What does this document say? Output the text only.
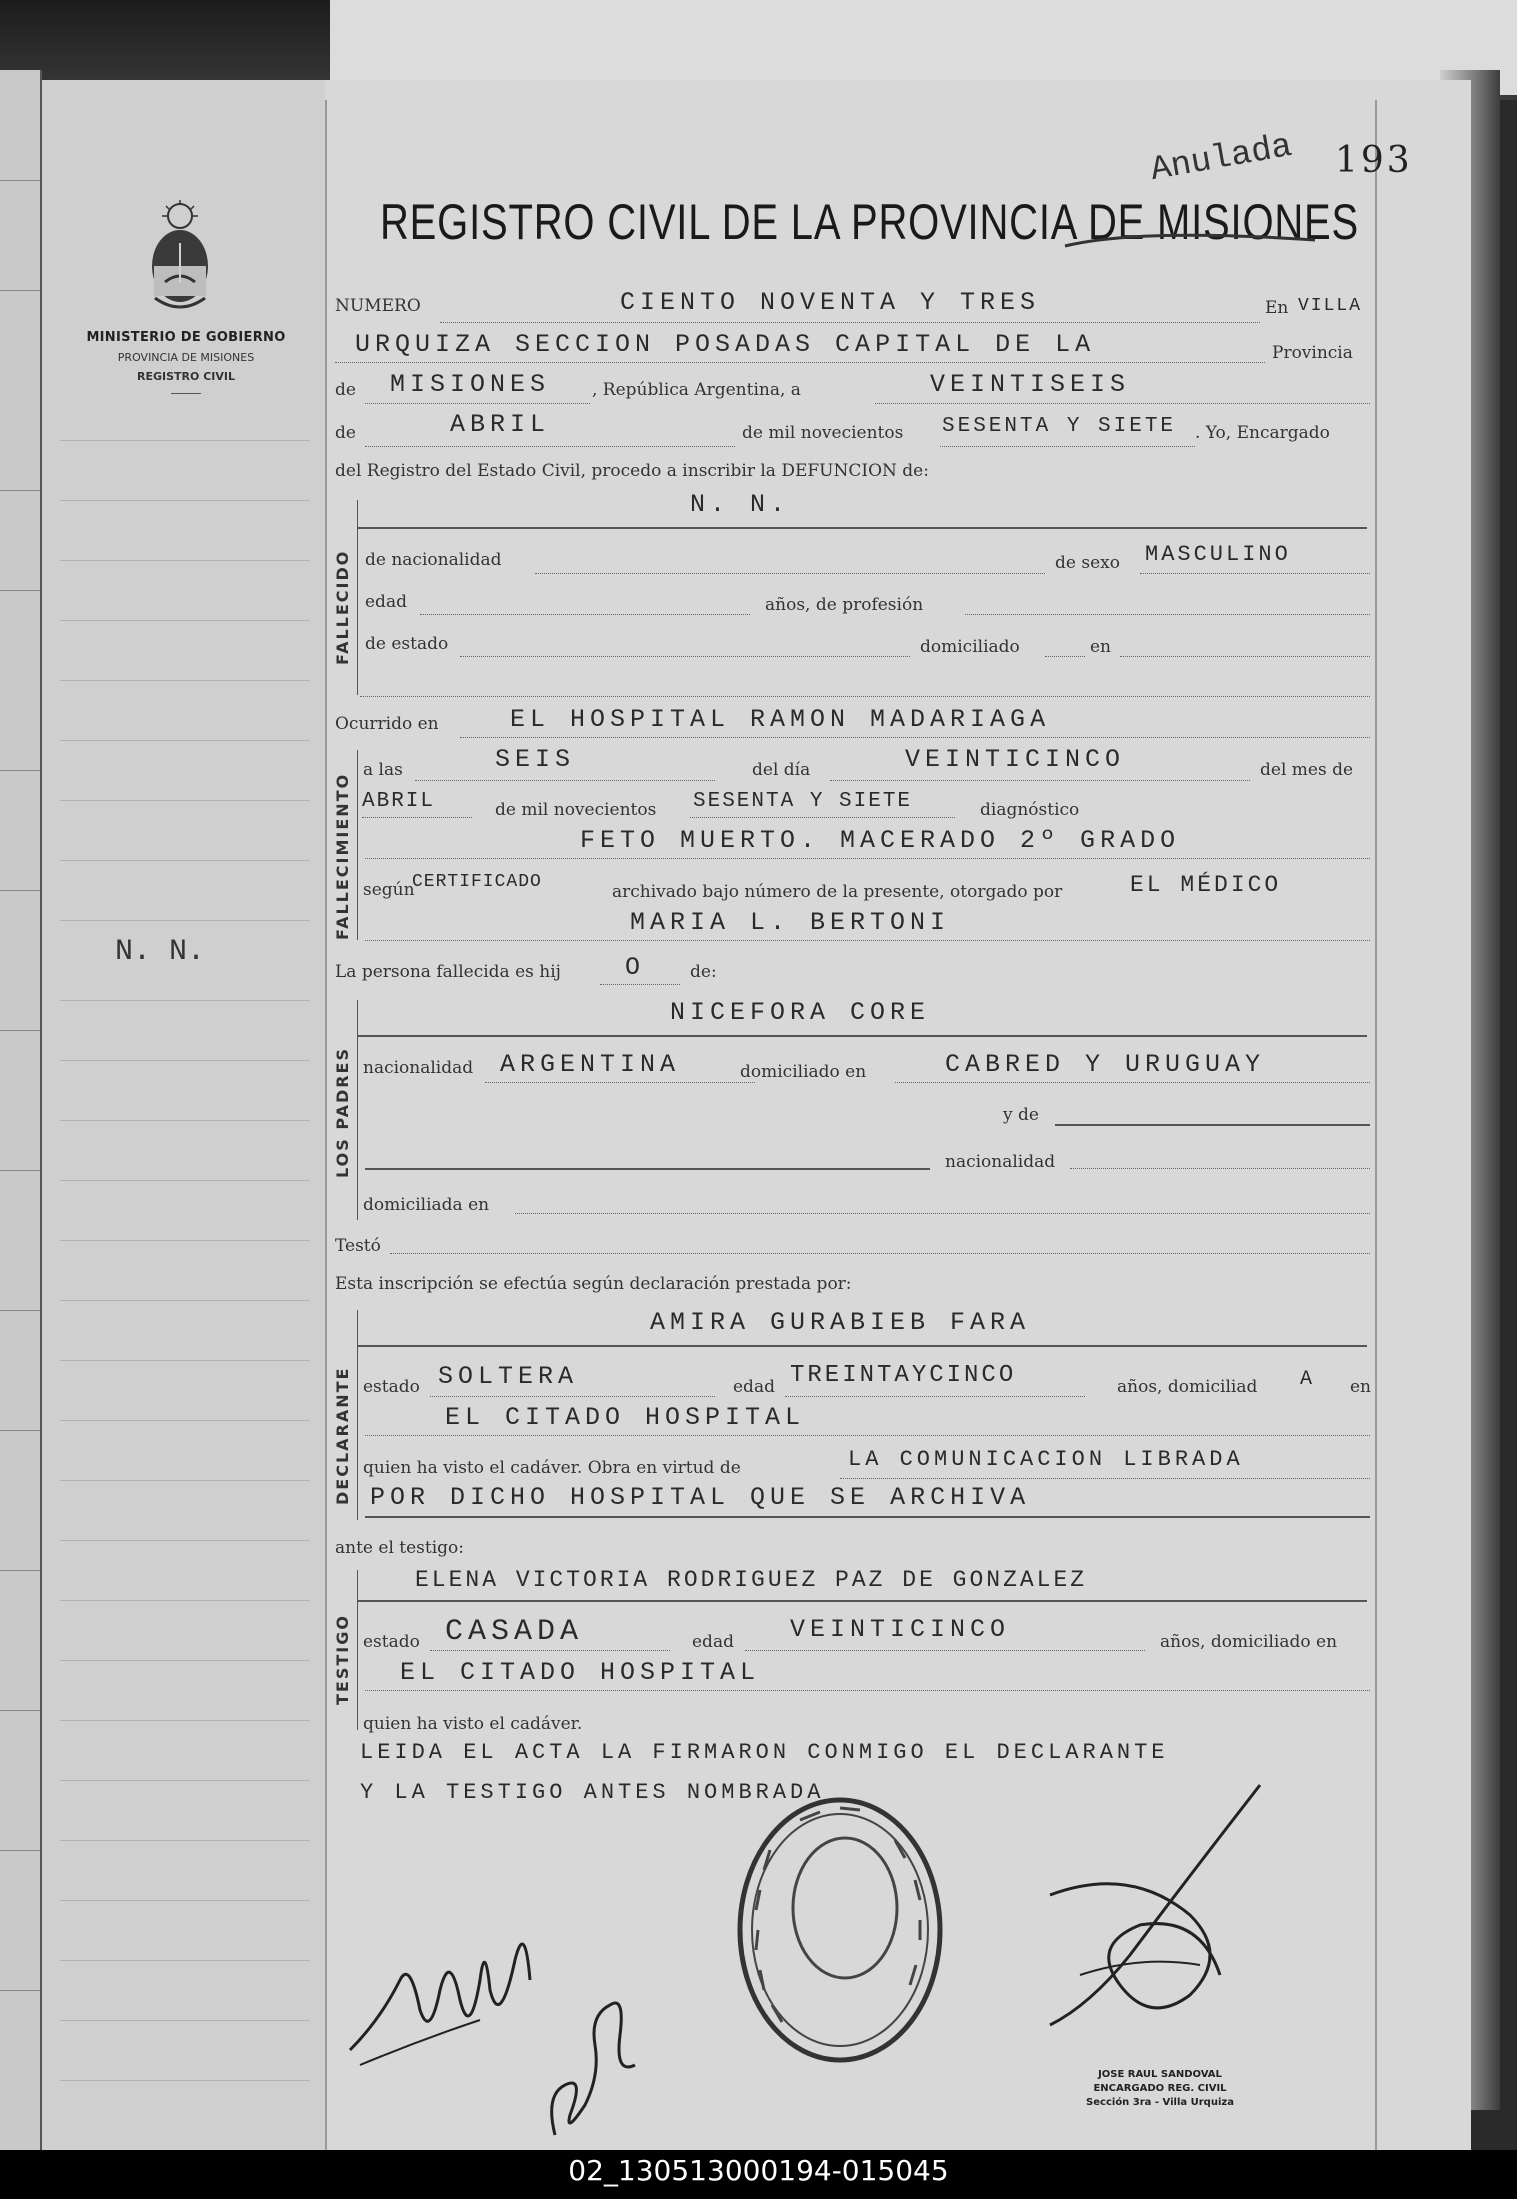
MINISTERIO DE GOBIERNO
PROVINCIA DE MISIONES
REGISTRO CIVIL
N. N.
193
REGISTRO CIVIL DE LA PROVINCIA DE MISIONES
Anulada
NUMERO	CIENTO NOVENTA Y TRES	En VILLA
URQUIZA SECCION POSADAS CAPITAL DE LA	Provincia
de MISIONES , República Argentina, a	VEINTISEIS
de	ABRIL	de mil novecientos SESENTA Y SIETE . Yo, Encargado
del Registro del Estado Civil, procedo a inscribir la DEFUNCION de:
FALLECIDO
N. N.
de nacionalidad	de sexo MASCULINO
edad	años, de profesión
de estado	domiciliado	en
Ocurrido en	EL HOSPITAL RAMON MADARIAGA
FALLECIMIENTO
a las	SEIS	del día	VEINTICINCO	del mes de
ABRIL	de mil novecientos SESENTA Y SIETE	diagnóstico
FETO MUERTO. MACERADO 2º GRADO
según
CERTIFICADO	archivado bajo número de la presente, otorgado por	EL MÉDICO
MARIA L. BERTONI
La persona fallecida es hij	O	de:
LOS PADRES
NICEFORA CORE
nacionalidad ARGENTINA	domiciliado en	CABRED Y URUGUAY
y de
nacionalidad
domiciliada en
Testó
Esta inscripción se efectúa según declaración prestada por:
DECLARANTE
AMIRA GURABIEB FARA
estado SOLTERA	edad TREINTAYCINCO	años, domiciliad A en
EL CITADO HOSPITAL
quien ha visto el cadáver. Obra en virtud de	LA COMUNICACION LIBRADA
POR DICHO HOSPITAL QUE SE ARCHIVA
ante el testigo:
TESTIGO
ELENA VICTORIA RODRIGUEZ PAZ DE GONZALEZ
estado CASADA	edad VEINTICINCO	años, domiciliado en
EL CITADO HOSPITAL
quien ha visto el cadáver.
LEIDA EL ACTA LA FIRMARON CONMIGO EL DECLARANTE
Y LA TESTIGO ANTES NOMBRADA
JOSE RAUL SANDOVAL
ENCARGADO REG. CIVIL
Sección 3ra - Villa Urquiza
02_130513000194-015045
